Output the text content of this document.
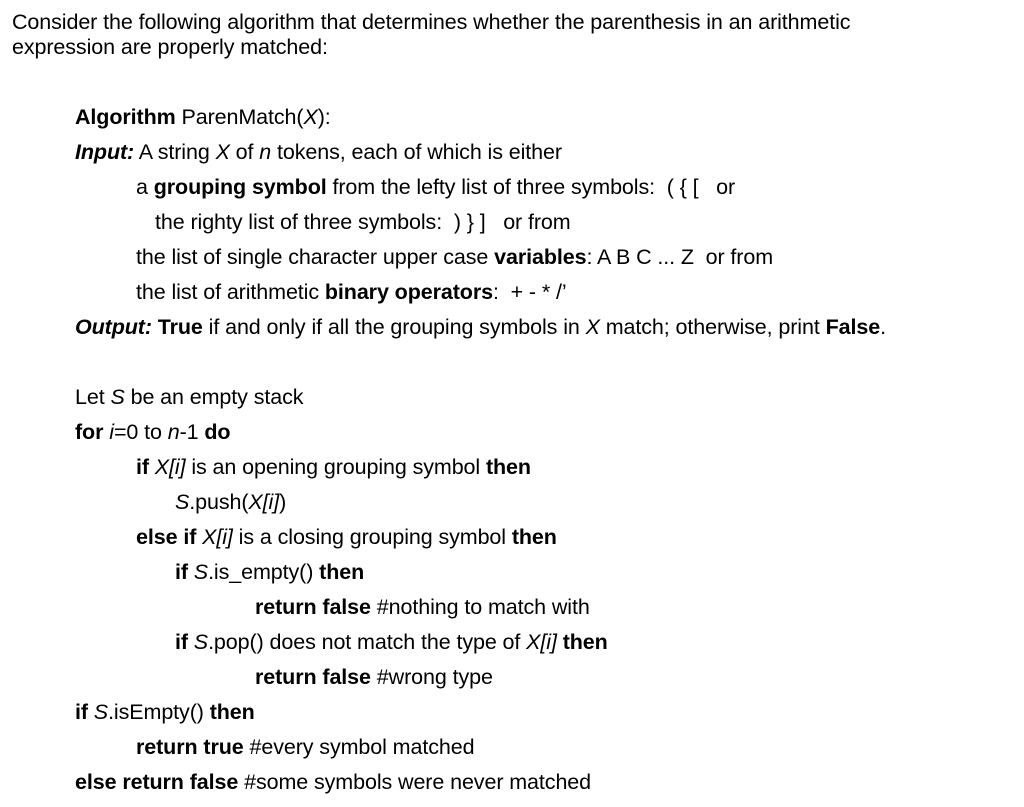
Consider the following algorithm that determines whether the parenthesis in an arithmetic
expression are properly matched:
Algorithm ParenMatch(X):
Input: A string X of n tokens, each of which is either
a grouping symbol from the lefty list of three symbols:  ( { [   or
the righty list of three symbols:  ) } ]   or from
the list of single character upper case variables: A B C ... Z  or from
the list of arithmetic binary operators:  + - * /’
Output: True if and only if all the grouping symbols in X match; otherwise, print False.
Let S be an empty stack
for i=0 to n-1 do
if X[i] is an opening grouping symbol then
S.push(X[i])
else if X[i] is a closing grouping symbol then
if S.is_empty() then
return false #nothing to match with
if S.pop() does not match the type of X[i] then
return false #wrong type
if S.isEmpty() then
return true #every symbol matched
else return false #some symbols were never matched
